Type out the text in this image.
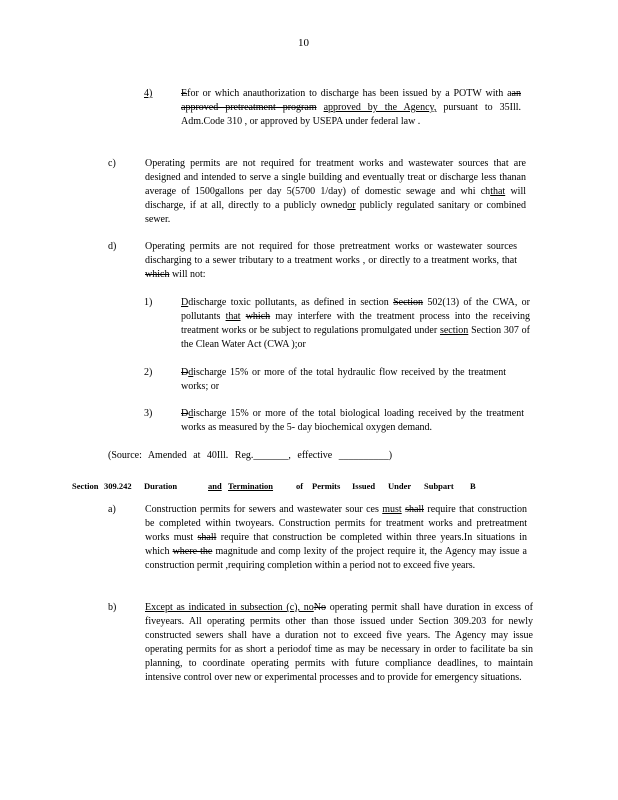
10
4)	Efor or which anauthorization to discharge has been issued by a POTW with aan approved pretreatment program approved by the Agency, pursuant to 35Ill. Adm.Code 310 , or approved by USEPA under federal law .

c)	Operating permits are not required for treatment works and wastewater sources that are designed and intended to serve a single building and eventually treat or discharge less thanan average of 1500gallons per day 5(5700 1/day) of domestic sewage and whi chthat will discharge, if at all, directly to a publicly ownedor publicly regulated sanitary or combined sewer.

d)	Operating permits are not required for those pretreatment works or wastewater sources discharging to a sewer tributary to a treatment works , or directly to a treatment works, that which will not:

1)	Ddischarge toxic pollutants, as defined in section Section 502(13) of the CWA, or pollutants that which may interfere with the treatment process into the receiving treatment works or be subject to regulations promulgated under section Section 307 of the Clean Water Act (CWA );or

2)	Ddischarge 15% or more of the total hydraulic flow received by the treatment works; or

3)	Ddischarge 15% or more of the total biological loading received by the treatment works as measured by the 5- day biochemical oxygen demand.

(Source: Amended at 40Ill. Reg._______, effective __________)

Section 309.242 Duration	and Termination	of Permits Issued Under Subpart B
a)	Construction permits for sewers and wastewater sour ces must shall require that construction be completed within twoyears. Construction permits for treatment works and pretreatment works must shall require that construction be completed within three years.In situations in which where the magnitude and comp lexity of the project require it, the Agency may issue a construction permit ,requiring completion within a period not to exceed five years.

b)	Except as indicated in subsection (c), noNo operating permit shall have duration in excess of fiveyears. All operating permits other than those issued under Section 309.203 for newly constructed sewers shall have a duration not to exceed five years. The Agency may issue operating permits for as short a periodof time as may be necessary in order to facilitate ba sin planning, to coordinate operating permits with future compliance deadlines, to maintain intensive control over new or experimental processes and to provide for emergency situations.
